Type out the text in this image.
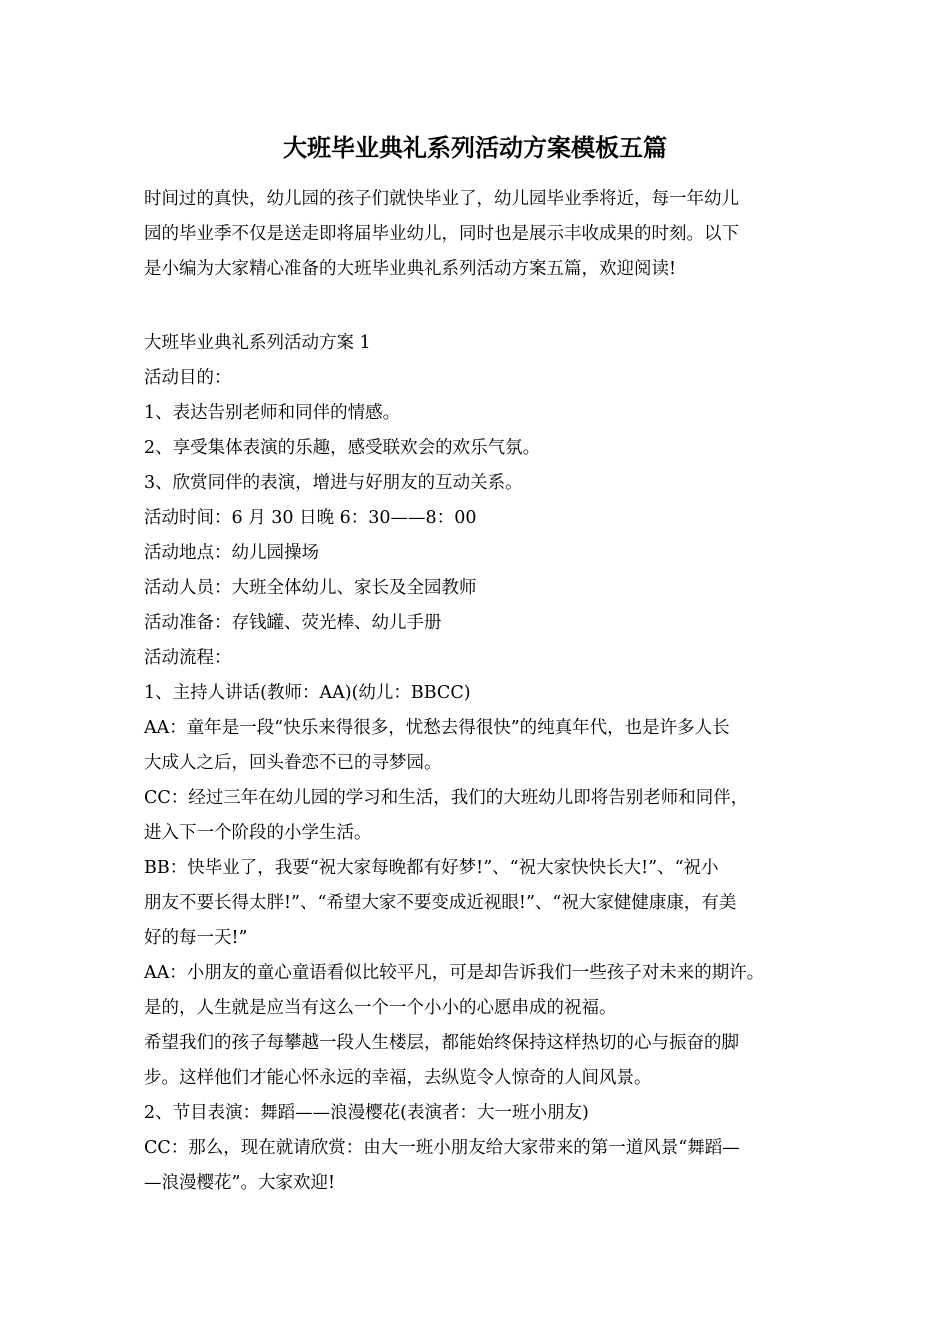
大班毕业典礼系列活动方案模板五篇

时间过的真快，幼儿园的孩子们就快毕业了，幼儿园毕业季将近，每一年幼儿

园的毕业季不仅是送走即将届毕业幼儿，同时也是展示丰收成果的时刻。以下

是小编为大家精心准备的大班毕业典礼系列活动方案五篇，欢迎阅读!

大班毕业典礼系列活动方案 1

活动目的：

1、表达告别老师和同伴的情感。

2、享受集体表演的乐趣，感受联欢会的欢乐气氛。

3、欣赏同伴的表演，增进与好朋友的互动关系。

活动时间：6 月 30 日晚 6：30——8：00

活动地点：幼儿园操场

活动人员：大班全体幼儿、家长及全园教师

活动准备：存钱罐、荧光棒、幼儿手册

活动流程：

1、主持人讲话(教师：AA)(幼儿：BBCC)

AA：童年是一段“快乐来得很多，忧愁去得很快”的纯真年代，也是许多人长

大成人之后，回头眷恋不已的寻梦园。

CC：经过三年在幼儿园的学习和生活，我们的大班幼儿即将告别老师和同伴，

进入下一个阶段的小学生活。

BB：快毕业了，我要“祝大家每晚都有好梦!”、“祝大家快快长大!”、“祝小

朋友不要长得太胖!”、“希望大家不要变成近视眼!”、“祝大家健健康康，有美

好的每一天!”

AA：小朋友的童心童语看似比较平凡，可是却告诉我们一些孩子对未来的期许。

是的，人生就是应当有这么一个一个小小的心愿串成的祝福。

希望我们的孩子每攀越一段人生楼层，都能始终保持这样热切的心与振奋的脚

步。这样他们才能心怀永远的幸福，去纵览令人惊奇的人间风景。

2、节目表演：舞蹈——浪漫樱花(表演者：大一班小朋友)

CC：那么，现在就请欣赏：由大一班小朋友给大家带来的第一道风景“舞蹈—

—浪漫樱花”。大家欢迎!
